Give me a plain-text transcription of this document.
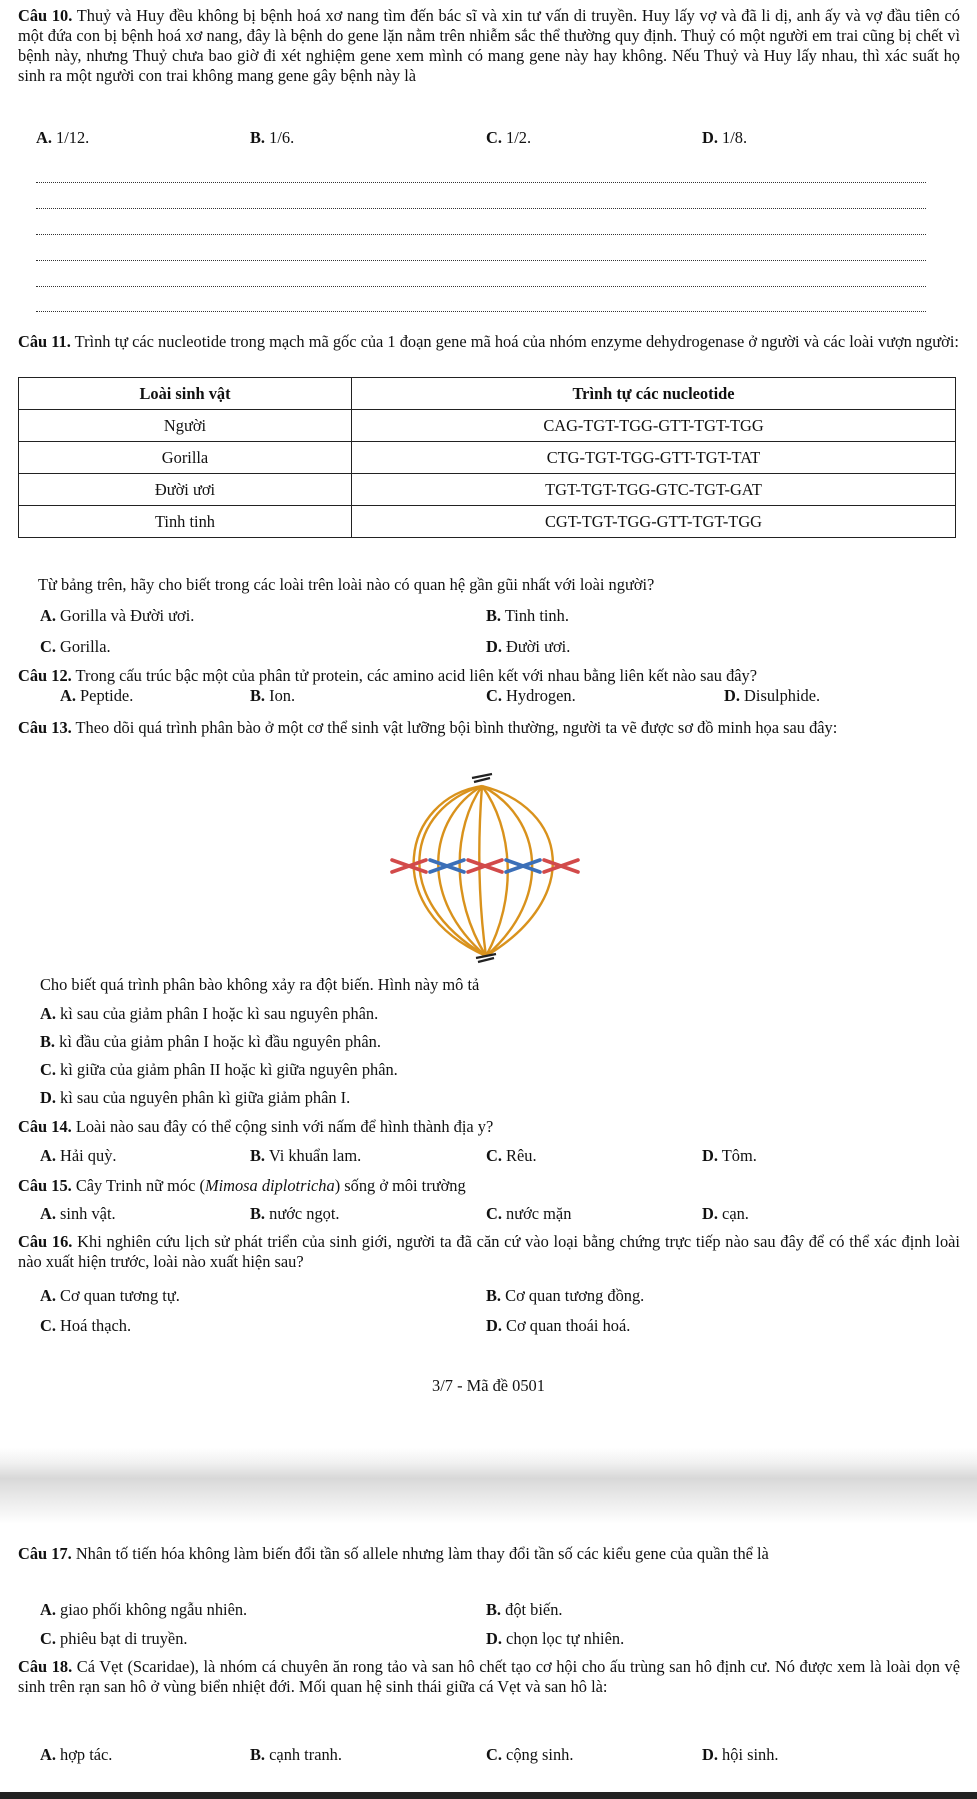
Câu 10. Thuỷ và Huy đều không bị bệnh hoá xơ nang tìm đến bác sĩ và xin tư vấn di truyền. Huy lấy vợ và đã li dị, anh ấy và vợ đầu tiên có một đứa con bị bệnh hoá xơ nang, đây là bệnh do gene lặn nằm trên nhiễm sắc thể thường quy định. Thuỷ có một người em trai cũng bị chết vì bệnh này, nhưng Thuỷ chưa bao giờ đi xét nghiệm gene xem mình có mang gene này hay không. Nếu Thuỷ và Huy lấy nhau, thì xác suất họ sinh ra một người con trai không mang gene gây bệnh này là
A. 1/12.	B. 1/6.	C. 1/2.	D. 1/8.
Câu 11. Trình tự các nucleotide trong mạch mã gốc của 1 đoạn gene mã hoá của nhóm enzyme dehydrogenase ở người và các loài vượn người:
Loài sinh vật	Trình tự các nucleotide
Người	CAG-TGT-TGG-GTT-TGT-TGG
Gorilla	CTG-TGT-TGG-GTT-TGT-TAT
Đười ươi	TGT-TGT-TGG-GTC-TGT-GAT
Tinh tinh	CGT-TGT-TGG-GTT-TGT-TGG
Từ bảng trên, hãy cho biết trong các loài trên loài nào có quan hệ gần gũi nhất với loài người?
A. Gorilla và Đười ươi.	B. Tinh tinh.
C. Gorilla.	D. Đười ươi.
Câu 12. Trong cấu trúc bậc một của phân tử protein, các amino acid liên kết với nhau bằng liên kết nào sau đây?
A. Peptide.	B. Ion.	C. Hydrogen.	D. Disulphide.
Câu 13. Theo dõi quá trình phân bào ở một cơ thể sinh vật lưỡng bội bình thường, người ta vẽ được sơ đồ minh họa sau đây:
Cho biết quá trình phân bào không xảy ra đột biến. Hình này mô tả
A. kì sau của giảm phân I hoặc kì sau nguyên phân.
B. kì đầu của giảm phân I hoặc kì đầu nguyên phân.
C. kì giữa của giảm phân II hoặc kì giữa nguyên phân.
D. kì sau của nguyên phân kì giữa giảm phân I.
Câu 14. Loài nào sau đây có thể cộng sinh với nấm để hình thành địa y?
A. Hải quỳ.	B. Vi khuẩn lam.	C. Rêu.	D. Tôm.
Câu 15. Cây Trinh nữ móc (Mimosa diplotricha) sống ở môi trường
A. sinh vật.	B. nước ngọt.	C. nước mặn	D. cạn.
Câu 16. Khi nghiên cứu lịch sử phát triển của sinh giới, người ta đã căn cứ vào loại bằng chứng trực tiếp nào sau đây để có thể xác định loài nào xuất hiện trước, loài nào xuất hiện sau?
A. Cơ quan tương tự.	B. Cơ quan tương đồng.
C. Hoá thạch.	D. Cơ quan thoái hoá.
3/7 - Mã đề 0501
Câu 17. Nhân tố tiến hóa không làm biến đổi tần số allele nhưng làm thay đổi tần số các kiểu gene của quần thể là
A. giao phối không ngẫu nhiên.	B. đột biến.
C. phiêu bạt di truyền.	D. chọn lọc tự nhiên.
Câu 18. Cá Vẹt (Scaridae), là nhóm cá chuyên ăn rong tảo và san hô chết tạo cơ hội cho ấu trùng san hô định cư. Nó được xem là loài dọn vệ sinh trên rạn san hô ở vùng biển nhiệt đới. Mối quan hệ sinh thái giữa cá Vẹt và san hô là:
A. hợp tác.	B. cạnh tranh.	C. cộng sinh.	D. hội sinh.
